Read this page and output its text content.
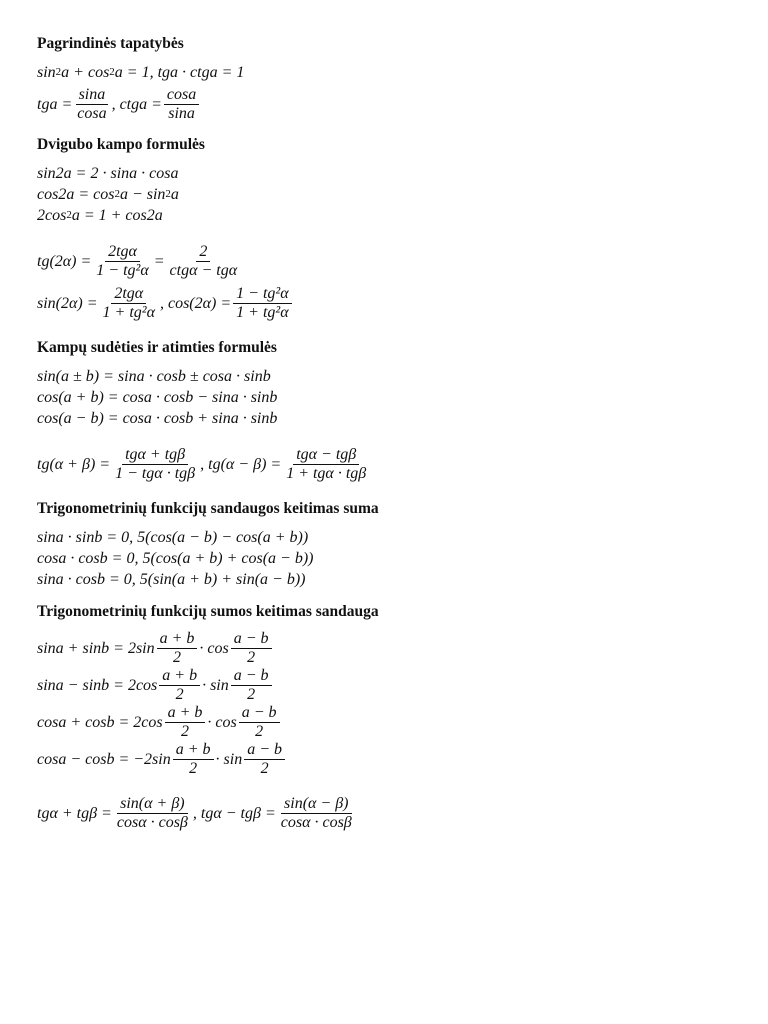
Pagrindinės tapatybės
$\sin^2 a + \cos^2 a = 1$, tga · ctga = 1
tga = $\frac{\sin a}{\cos a}$ , ctga = $\frac{\cos a}{\sin a}$
Dvigubo kampo formulės
sin2a = 2 · sina · cosa
$\cos 2a = \cos^2 a - \sin^2 a$
$2\cos^2$ a = 1 + cos2a
$tg(2\alpha) = \frac{\text{2tgα}}{\text{1 − tg²α}} = \frac{2}{\text{ctgα − tgα}}$
$\sin(2\alpha) = \frac{\text{2tgα}}{\text{1 + tg²α}}$ , $\cos(2\alpha) = \frac{\text{1 − tg²α}}{\text{1 + tg²α}}$
Kampų sudėties ir atimties formulės
sin(a ± b) = sina · cosb ± cosa · sinb
cos(a + b) = cosa · cosb − sina · sinb
cos(a − b) = cosa · cosb + sina · sinb
$tg(\alpha + \beta) = \frac{\text{tgα + tgβ}}{\text{1 − tgα · tgβ}}$ , $tg(\alpha - \beta) = \frac{\text{tgα − tgβ}}{\text{1 + tgα · tgβ}}$
Trigonometrinių funkcijų sandaugos keitimas suma
sina · sinb = 0, 5(cos(a − b) − cos(a + b))
cosa · cosb = 0, 5(cos(a + b) + cos(a − b))
sina · cosb = 0, 5(sin(a + b) + sin(a − b))
Trigonometrinių funkcijų sumos keitimas sandauga
$\sin a + \sin b = 2\sin \frac{a + b}{2} \cdot \cos \frac{a - b}{2}$
$\sin a - \sin b = 2\cos \frac{a + b}{2} \cdot \sin \frac{a - b}{2}$
$\cos a + \cos b = 2\cos \frac{a + b}{2} \cdot \cos \frac{a - b}{2}$
$\cos a - \cos b = -2\sin \frac{a + b}{2} \cdot \sin \frac{a - b}{2}$
$tg\alpha + tg\beta = \frac{\sin(\alpha + \beta)}{\cos\alpha \cdot \cos\beta}$ , $tg\alpha - tg\beta = \frac{\sin(\alpha - \beta)}{\cos\alpha \cdot \cos\beta}$
